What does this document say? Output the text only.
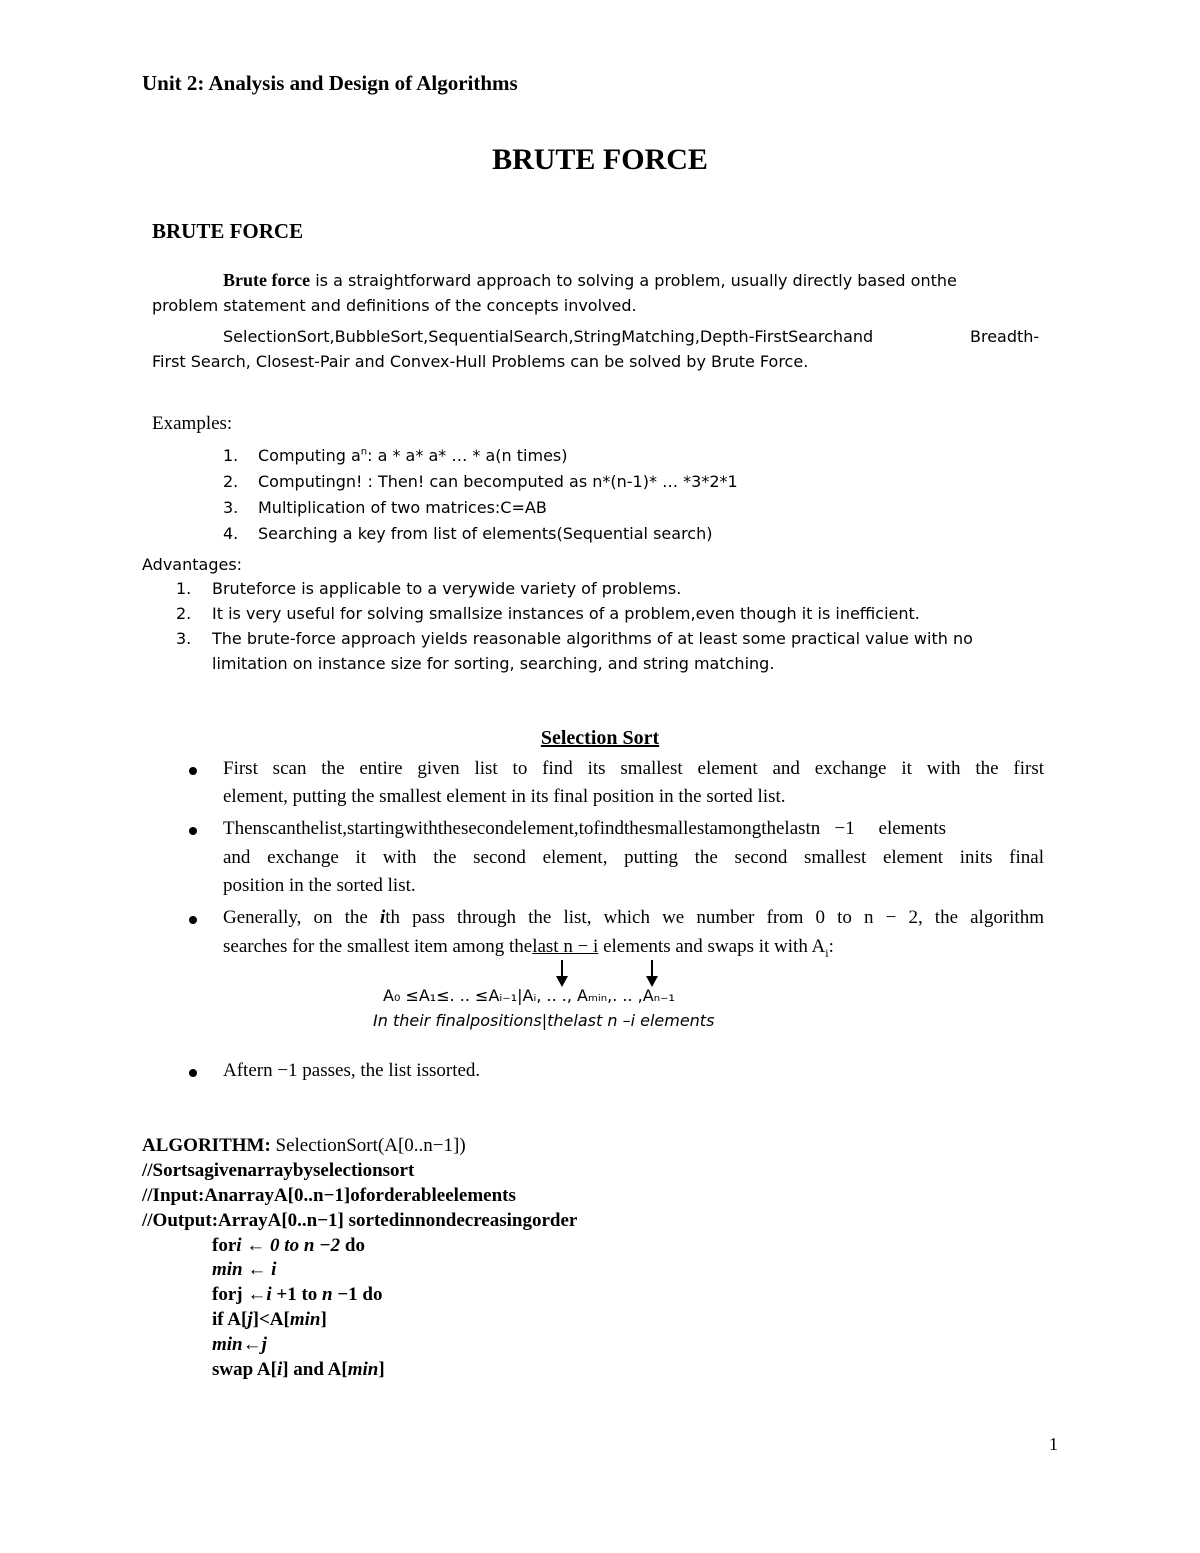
Unit 2: Analysis and Design of Algorithms
BRUTE FORCE
BRUTE FORCE
Brute force is a straightforward approach to solving a problem, usually directly based onthe
problem statement and definitions of the concepts involved.
SelectionSort,BubbleSort,SequentialSearch,StringMatching,Depth-FirstSearchand	Breadth-
First Search, Closest-Pair and Convex-Hull Problems can be solved by Brute Force.
Examples:
1. Computing $a^n$: a * a* a* … * a(n times)
2. Computingn! : Then! can becomputed as n*(n-1)* … *3*2*1
3. Multiplication of two matrices:C=AB
4. Searching a key from list of elements(Sequential search)
Advantages:
1. Bruteforce is applicable to a verywide variety of problems.
2. It is very useful for solving smallsize instances of a problem,even though it is inefficient.
3. The brute-force approach yields reasonable algorithms of at least some practical value with no
limitation on instance size for sorting, searching, and string matching.
Selection Sort
First scan the entire given list to find its smallest element and exchange it with the first
element, putting the smallest element in its final position in the sorted list.
Thenscanthelist,startingwiththesecondelement,tofindthesmallestamongthelastn   −1     elements
and exchange it with the second element, putting the second smallest element inits final
position in the sorted list.
Generally, on the ith pass through the list, which we number from 0 to n − 2, the algorithm
searches for the smallest item among thelast n − i elements and swaps it with $A_i$:
A₀ ≤A₁≤. .. ≤Aᵢ₋₁|Aᵢ, .. ., Aₘᵢₙ,. .. ,Aₙ₋₁
In their finalpositions|thelast n –i elements
Aftern −1 passes, the list issorted.
ALGORITHM: SelectionSort(A[0..n−1])
//Sortsagivenarraybyselectionsort
//Input:AnarrayA[0..n−1]oforderableelements
//Output:ArrayA[0..n−1] sortedinnondecreasingorder
fori ← 0 to n −2 do
min ← i
forj ←i +1 to n −1 do
if A[j]<A[min]
min←j
swap A[i] and A[min]
1
